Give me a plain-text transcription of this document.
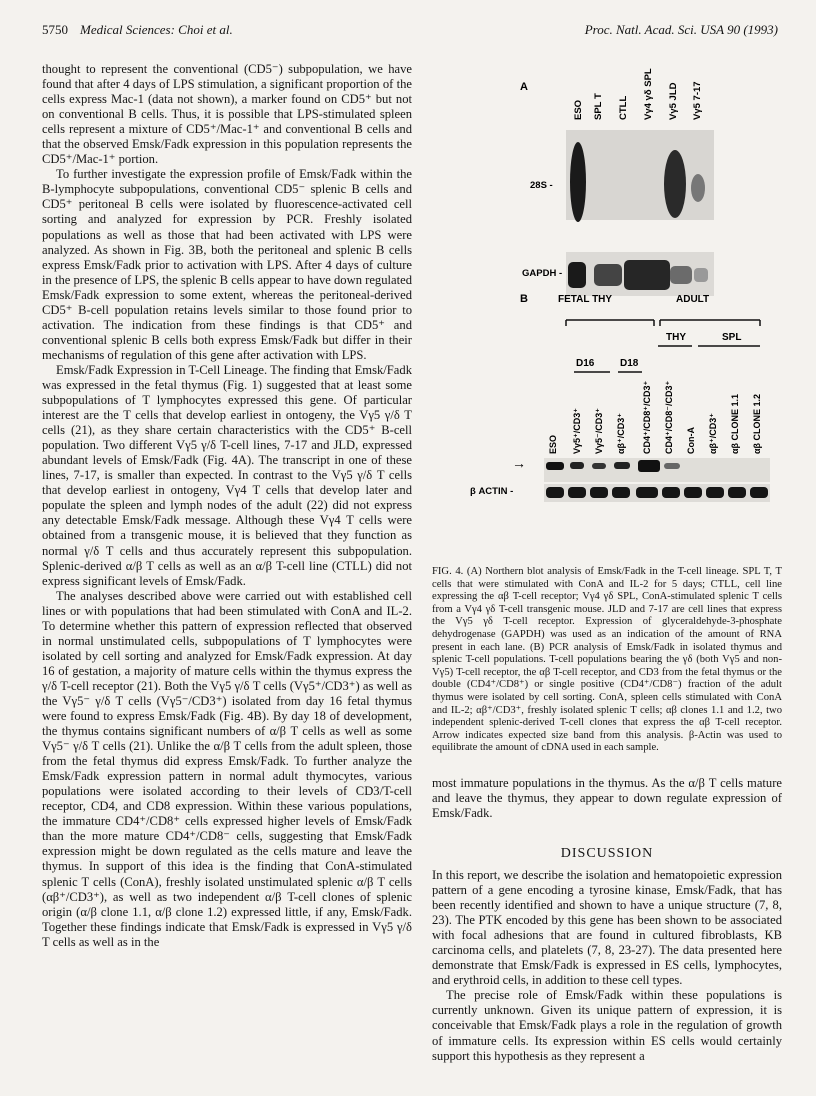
5750 Medical Sciences: Choi et al.	Proc. Natl. Acad. Sci. USA 90 (1993)

thought to represent the conventional (CD5⁻) subpopulation, we have found that after 4 days of LPS stimulation, a significant proportion of the cells express Mac-1 (data not shown), a marker found on CD5⁺ but not on conventional B cells. Thus, it is possible that LPS-stimulated spleen cells represent a mixture of CD5⁺/Mac-1⁺ and conventional B cells and that the observed Emsk/Fadk expression in this population represents the CD5⁺/Mac-1⁺ portion.

To further investigate the expression profile of Emsk/Fadk within the B-lymphocyte subpopulations, conventional CD5⁻ splenic B cells and CD5⁺ peritoneal B cells were isolated by fluorescence-activated cell sorting and analyzed for expression by PCR. Freshly isolated populations as well as those that had been activated with LPS were analyzed. As shown in Fig. 3B, both the peritoneal and splenic B cells express Emsk/Fadk prior to activation with LPS. After 4 days of culture in the presence of LPS, the splenic B cells appear to have down regulated Emsk/Fadk expression to some extent, whereas the peritoneal-derived CD5⁺ B-cell population retains levels similar to those found prior to activation. The indication from these findings is that CD5⁺ and conventional splenic B cells both express Emsk/Fadk but differ in their mechanisms of regulation of this gene after activation with LPS.

Emsk/Fadk Expression in T-Cell Lineage. The finding that Emsk/Fadk was expressed in the fetal thymus (Fig. 1) suggested that at least some subpopulations of T lymphocytes expressed this gene. Of particular interest are the T cells that develop earliest in ontogeny, the Vγ5 γ/δ T cells (21), as they share certain characteristics with the CD5⁺ B-cell population. Two different Vγ5 γ/δ T-cell lines, 7-17 and JLD, expressed abundant levels of Emsk/Fadk (Fig. 4A). The transcript in one of these lines, 7-17, is smaller than expected. In contrast to the Vγ5 γ/δ T cells that develop earliest in ontogeny, Vγ4 T cells that develop later and populate the spleen and lymph nodes of the adult (22) did not express any detectable Emsk/Fadk message. Although these Vγ4 T cells were obtained from a transgenic mouse, it is believed that they function as normal γ/δ T cells and thus accurately represent this subpopulation. Splenic-derived α/β T cells as well as an α/β T-cell line (CTLL) did not express significant levels of Emsk/Fadk.

The analyses described above were carried out with established cell lines or with populations that had been stimulated with ConA and IL-2. To determine whether this pattern of expression reflected that observed in normal unstimulated cells, subpopulations of T lymphocytes were isolated by cell sorting and analyzed for Emsk/Fadk expression. At day 16 of gestation, a majority of mature cells within the thymus express the γ/δ T-cell receptor (21). Both the Vγ5 γ/δ T cells (Vγ5⁺/CD3⁺) as well as the Vγ5⁻ γ/δ T cells (Vγ5⁻/CD3⁺) isolated from day 16 fetal thymus were found to express Emsk/Fadk (Fig. 4B). By day 18 of development, the thymus contains significant numbers of α/β T cells as well as some Vγ5⁻ γ/δ T cells (21). Unlike the α/β T cells from the adult spleen, those from the fetal thymus did express Emsk/Fadk. To further analyze the Emsk/Fadk expression pattern in normal adult thymocytes, various populations were isolated according to their levels of CD3/T-cell receptor, CD4, and CD8 expression. Within these various populations, the immature CD4⁺/CD8⁺ cells expressed higher levels of Emsk/Fadk than the more mature CD4⁺/CD8⁻ cells, suggesting that Emsk/Fadk expression might be down regulated as the cells mature and leave the thymus. In support of this idea is the finding that ConA-stimulated splenic T cells (ConA), freshly isolated unstimulated splenic α/β T cells (αβ⁺/CD3⁺), as well as two independent α/β T-cell clones of splenic origin (α/β clone 1.1, α/β clone 1.2) expressed little, if any, Emsk/Fadk. Together these findings indicate that Emsk/Fadk is expressed in Vγ5 γ/δ T cells as well as in the

A
ESO SPL T CTLL Vγ4 γδ SPL Vγ5 JLD Vγ5 7-17
28S -
GAPDH -
B	FETAL THY	ADULT
THY	SPL
D16	D18
ESO Vγ5⁺/CD3⁺ Vγ5⁻/CD3⁺ αβ⁺/CD3⁺ CD4⁺/CD8⁺/CD3⁺ CD4⁺/CD8⁻/CD3⁺ Con-A αβ⁺/CD3⁺ αβ CLONE 1.1 αβ CLONE 1.2
→
β ACTIN -

FIG. 4. (A) Northern blot analysis of Emsk/Fadk in the T-cell lineage. SPL T, T cells that were stimulated with ConA and IL-2 for 5 days; CTLL, cell line expressing the αβ T-cell receptor; Vγ4 γδ SPL, ConA-stimulated splenic T cells from a Vγ4 γδ T-cell transgenic mouse. JLD and 7-17 are cell lines that express the Vγ5 γδ T-cell receptor. Expression of glyceraldehyde-3-phosphate dehydrogenase (GAPDH) was used as an indication of the amount of RNA present in each lane. (B) PCR analysis of Emsk/Fadk in isolated thymus and splenic T-cell populations. T-cell populations bearing the γδ (both Vγ5 and non-Vγ5) T-cell receptor, the αβ T-cell receptor, and CD3 from the fetal thymus or the double (CD4⁺/CD8⁺) or single positive (CD4⁺/CD8⁻) fraction of the adult thymus were isolated by cell sorting. ConA, spleen cells stimulated with ConA and IL-2; αβ⁺/CD3⁺, freshly isolated splenic T cells; αβ clones 1.1 and 1.2, two independent splenic-derived T-cell clones that express the αβ T-cell receptor. Arrow indicates expected size band from this analysis. β-Actin was used to equilibrate the amount of cDNA used in each sample.

most immature populations in the thymus. As the α/β T cells mature and leave the thymus, they appear to down regulate expression of Emsk/Fadk.

DISCUSSION

In this report, we describe the isolation and hematopoietic expression pattern of a gene encoding a tyrosine kinase, Emsk/Fadk, that has been recently identified and shown to have a unique structure (7, 8, 23). The PTK encoded by this gene has been shown to be associated with focal adhesions that are found in cultured fibroblasts, KB carcinoma cells, and platelets (7, 8, 23-27). The data presented here demonstrate that Emsk/Fadk is expressed in ES cells, lymphocytes, and erythroid cells, in addition to these cell types.

The precise role of Emsk/Fadk within these populations is currently unknown. Given its unique pattern of expression, it is conceivable that Emsk/Fadk plays a role in the regulation of growth of immature cells. Its expression within ES cells would certainly support this hypothesis as they represent a
